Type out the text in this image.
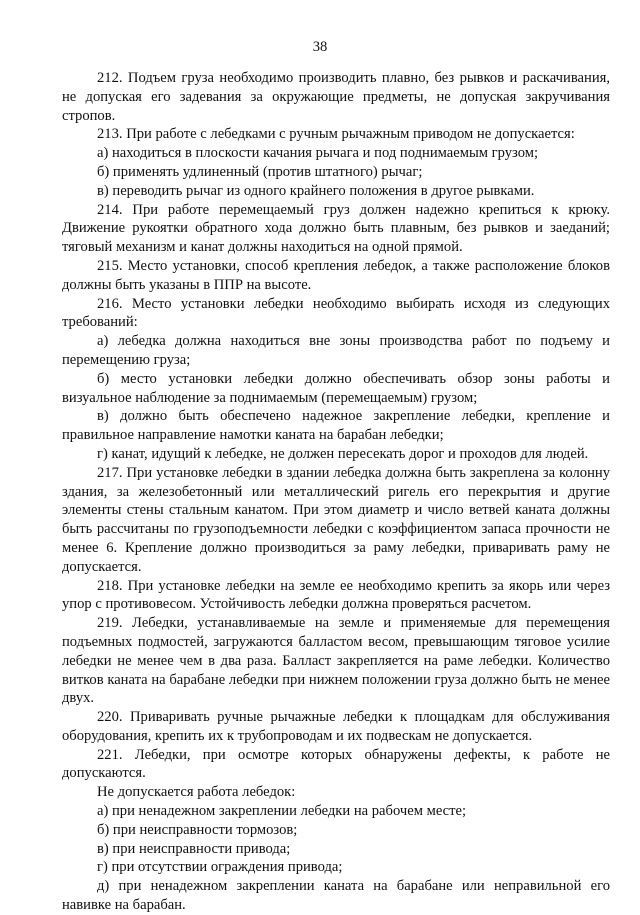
38

212. Подъем груза необходимо производить плавно, без рывков и раскачивания, не допуская его задевания за окружающие предметы, не допуская закручивания стропов.

213. При работе с лебедками с ручным рычажным приводом не допускается:

а) находиться в плоскости качания рычага и под поднимаемым грузом;

б) применять удлиненный (против штатного) рычаг;

в) переводить рычаг из одного крайнего положения в другое рывками.

214. При работе перемещаемый груз должен надежно крепиться к крюку. Движение рукоятки обратного хода должно быть плавным, без рывков и заеданий; тяговый механизм и канат должны находиться на одной прямой.

215. Место установки, способ крепления лебедок, а также расположение блоков должны быть указаны в ППР на высоте.

216. Место установки лебедки необходимо выбирать исходя из следующих требований:

а) лебедка должна находиться вне зоны производства работ по подъему и перемещению груза;

б) место установки лебедки должно обеспечивать обзор зоны работы и визуальное наблюдение за поднимаемым (перемещаемым) грузом;

в) должно быть обеспечено надежное закрепление лебедки, крепление и правильное направление намотки каната на барабан лебедки;

г) канат, идущий к лебедке, не должен пересекать дорог и проходов для людей.

217. При установке лебедки в здании лебедка должна быть закреплена за колонну здания, за железобетонный или металлический ригель его перекрытия и другие элементы стены стальным канатом. При этом диаметр и число ветвей каната должны быть рассчитаны по грузоподъемности лебедки с коэффициентом запаса прочности не менее 6. Крепление должно производиться за раму лебедки, приваривать раму не допускается.

218. При установке лебедки на земле ее необходимо крепить за якорь или через упор с противовесом. Устойчивость лебедки должна проверяться расчетом.

219. Лебедки, устанавливаемые на земле и применяемые для перемещения подъемных подмостей, загружаются балластом весом, превышающим тяговое усилие лебедки не менее чем в два раза. Балласт закрепляется на раме лебедки. Количество витков каната на барабане лебедки при нижнем положении груза должно быть не менее двух.

220. Приваривать ручные рычажные лебедки к площадкам для обслуживания оборудования, крепить их к трубопроводам и их подвескам не допускается.

221. Лебедки, при осмотре которых обнаружены дефекты, к работе не допускаются.

Не допускается работа лебедок:

а) при ненадежном закреплении лебедки на рабочем месте;

б) при неисправности тормозов;

в) при неисправности привода;

г) при отсутствии ограждения привода;

д) при ненадежном закреплении каната на барабане или неправильной его навивке на барабан.
